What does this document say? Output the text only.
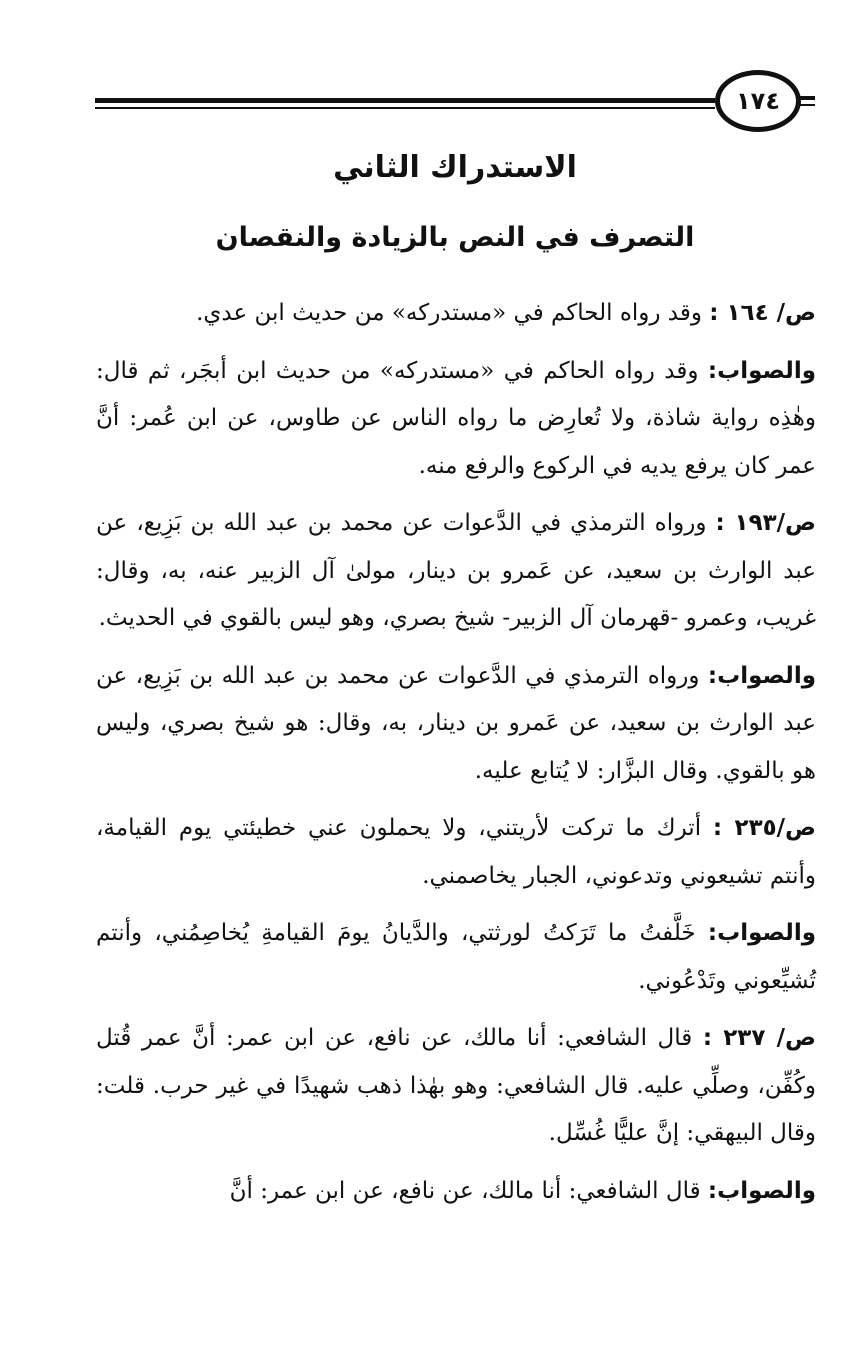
١٧٤
الاستدراك الثاني
التصرف في النص بالزيادة والنقصان

ص/ ١٦٤ : وقد رواه الحاكم في «مستدركه» من حديث ابن عدي.

والصواب: وقد رواه الحاكم في «مستدركه» من حديث ابن أبجَر، ثم قال: وهٰذِه رواية شاذة، ولا تُعارِض ما رواه الناس عن طاوس، عن ابن عُمر: أنَّ عمر كان يرفع يديه في الركوع والرفع منه.

ص/١٩٣ : ورواه الترمذي في الدَّعوات عن محمد بن عبد الله بن بَزِيع، عن عبد الوارث بن سعيد، عن عَمرو بن دينار، مولىٰ آل الزبير عنه، به، وقال: غريب، وعمرو -قهرمان آل الزبير- شيخ بصري، وهو ليس بالقوي في الحديث.

والصواب: ورواه الترمذي في الدَّعوات عن محمد بن عبد الله بن بَزِيع، عن عبد الوارث بن سعيد، عن عَمرو بن دينار، به، وقال: هو شيخ بصري، وليس هو بالقوي. وقال البزَّار: لا يُتابع عليه.

ص/٢٣٥ : أترك ما تركت لأريتني، ولا يحملون عني خطيئتي يوم القيامة، وأنتم تشيعوني وتدعوني، الجبار يخاصمني.

والصواب: خَلَّفتُ ما تَرَكتُ لورثتي، والدَّيانُ يومَ القيامةِ يُخاصِمُني، وأنتم تُشيِّعوني وتَدْعُوني.

ص/ ٢٣٧ : قال الشافعي: أنا مالك، عن نافع، عن ابن عمر: أنَّ عمر قُتل وكُفِّن، وصلِّي عليه. قال الشافعي: وهو بهٰذا ذهب شهيدًا في غير حرب. قلت: وقال البيهقي: إنَّ عليًّا غُسِّل.

والصواب: قال الشافعي: أنا مالك، عن نافع، عن ابن عمر: أنَّ
